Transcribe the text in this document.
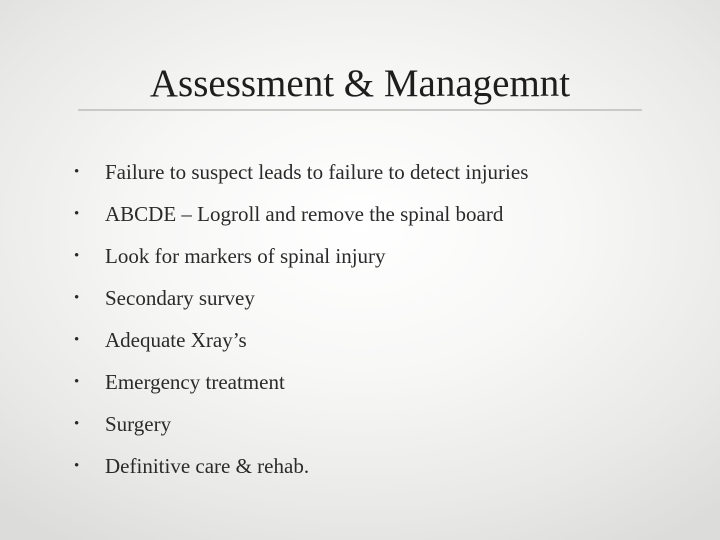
Assessment & Managemnt
•	Failure to suspect leads to failure to detect injuries
•	ABCDE – Logroll and remove the spinal board
•	Look for markers of spinal injury
•	Secondary survey
•	Adequate Xray’s
•	Emergency treatment
•	Surgery
•	Definitive care & rehab.
